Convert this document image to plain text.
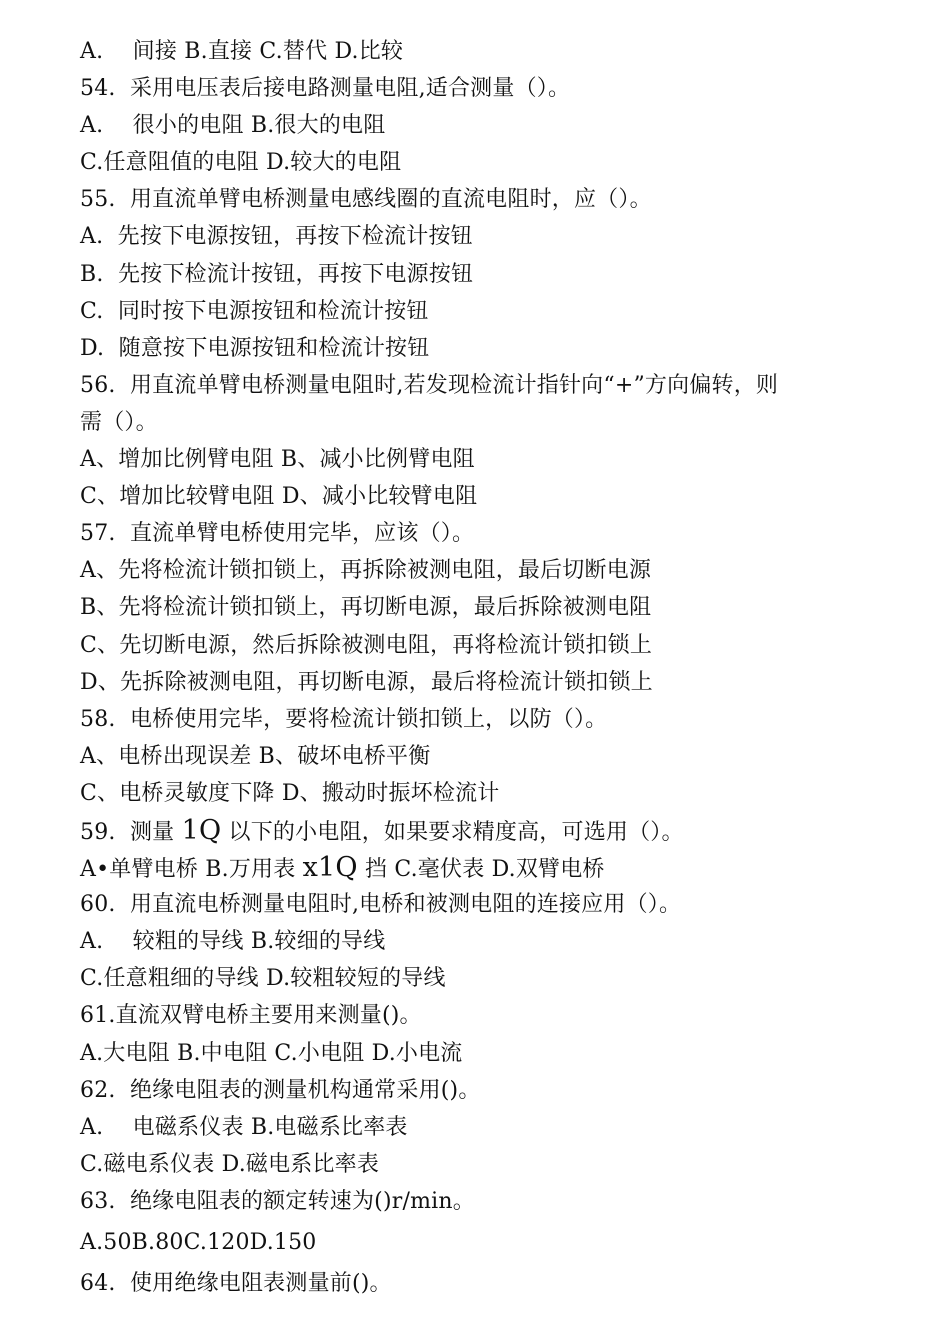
A.　 间接 B.直接 C.替代 D.比较
54.  采用电压表后接电路测量电阻,适合测量（）。
A.　 很小的电阻 B.很大的电阻
C.任意阻值的电阻 D.较大的电阻
55.  用直流单臂电桥测量电感线圈的直流电阻时，应（）。
A.  先按下电源按钮，再按下检流计按钮
B.  先按下检流计按钮，再按下电源按钮
C.  同时按下电源按钮和检流计按钮
D.  随意按下电源按钮和检流计按钮
56.  用直流单臂电桥测量电阻时,若发现检流计指针向“+”方向偏转，则
需（）。
A、增加比例臂电阻 B、减小比例臂电阻
C、增加比较臂电阻 D、减小比较臂电阻
57.  直流单臂电桥使用完毕，应该（）。
A、先将检流计锁扣锁上，再拆除被测电阻，最后切断电源
B、先将检流计锁扣锁上，再切断电源，最后拆除被测电阻
C、先切断电源，然后拆除被测电阻，再将检流计锁扣锁上
D、先拆除被测电阻，再切断电源，最后将检流计锁扣锁上
58.  电桥使用完毕，要将检流计锁扣锁上，以防（）。
A、电桥出现误差 B、破坏电桥平衡
C、电桥灵敏度下降 D、搬动时振坏检流计
59.  测量 1Q 以下的小电阻，如果要求精度高，可选用（）。
A•单臂电桥 B.万用表 x1Q 挡 C.毫伏表 D.双臂电桥
60.  用直流电桥测量电阻时,电桥和被测电阻的连接应用（）。
A.　 较粗的导线 B.较细的导线
C.任意粗细的导线 D.较粗较短的导线
61.直流双臂电桥主要用来测量()。
A.大电阻 B.中电阻 C.小电阻 D.小电流
62.  绝缘电阻表的测量机构通常采用()。
A.　 电磁系仪表 B.电磁系比率表
C.磁电系仪表 D.磁电系比率表
63.  绝缘电阻表的额定转速为()r/min。
A.50B.80C.120D.150
64.  使用绝缘电阻表测量前()。
